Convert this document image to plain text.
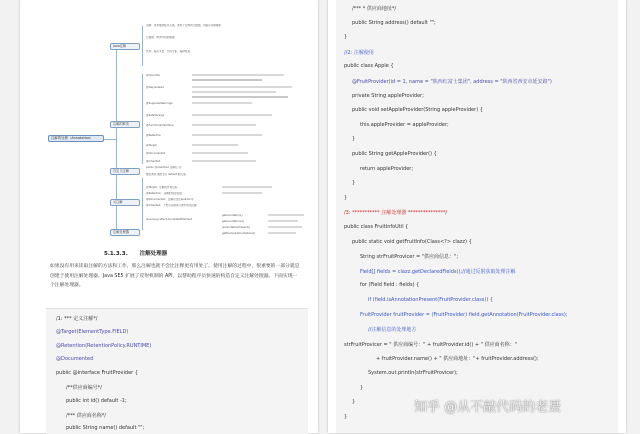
注解的处理（Annotation）
Java注解
注解的种类
自定义注解
元注解
注解处理器
注解：用来描述程序元素，类似于注释的元数据，供程序读取解析
元数据：修饰代码的数据
作用：编写文档、代码分析、编译检查
@Override
@Deprecated
@SuppressWarnings
@SafeVarargs
@FunctionalInterface
@Retention
@Target
@Documented
@Inherited
public @interface 注解名 {}
属性类型 属性名() default 默认值;
@Target：注解的作用目标
@Retention：注解的保留位置
@Documented：注解包含在javadoc中
@Inherited：子类可以继承父类中的该注解
java.lang.reflect.AnnotatedElement
getAnnotation()
getAnnotations()
isAnnotationPresent()
getDeclaredAnnotations()
5.1.3.3. 注解处理器

如果没有用来读取注解的方法和工作，那么注解也就不会比注释更有用处了。使用注解的过程中，很重要的一部分就是创建于使用注解处理器。Java SE5 扩展了反射机制的 API，以帮助程序员快速的构造自定义注解处理器。下面实现一个注解处理器。

/1: *** 定义注解*/
@Target(ElementType.FIELD)
@Retention(RetentionPolicy.RUNTIME)
@Documented
public @interface FruitProvider {
/**供应商编号*/
public int id() default -1;
/*** 供应商名称*/
public String name() default "";
/*** * 供应商地址*/
public String address() default "";
}
//2: 注解使用
public class Apple {
@FruitProvider(id = 1, name = "陕西红富士集团", address = "陕西省西安市延安路")
private String appleProvider;
public void setAppleProvider(String appleProvider) {
this.appleProvider = appleProvider;
}
public String getAppleProvider() {
return appleProvider;
}
}
/3: *********** 注解处理器 ***************/
public class FruitInfoUtil {
public static void getFruitInfo(Class<?> clazz) {
String strFruitProvicer = "供应商信息：";
Field[] fields = clazz.getDeclaredFields();//通过反射获取处理注解
for (Field field : fields) {
if (field.isAnnotationPresent(FruitProvider.class)) {
FruitProvider fruitProvider = (FruitProvider) field.getAnnotation(FruitProvider.class);
//注解信息的处理地方
strFruitProvicer = " 供应商编号：" + fruitProvider.id() + " 供应商名称："
+ fruitProvider.name() + " 供应商地址："+ fruitProvider.address();
System.out.println(strFruitProvicer);
}
}
}
知乎 @从不敲代码的老聂
